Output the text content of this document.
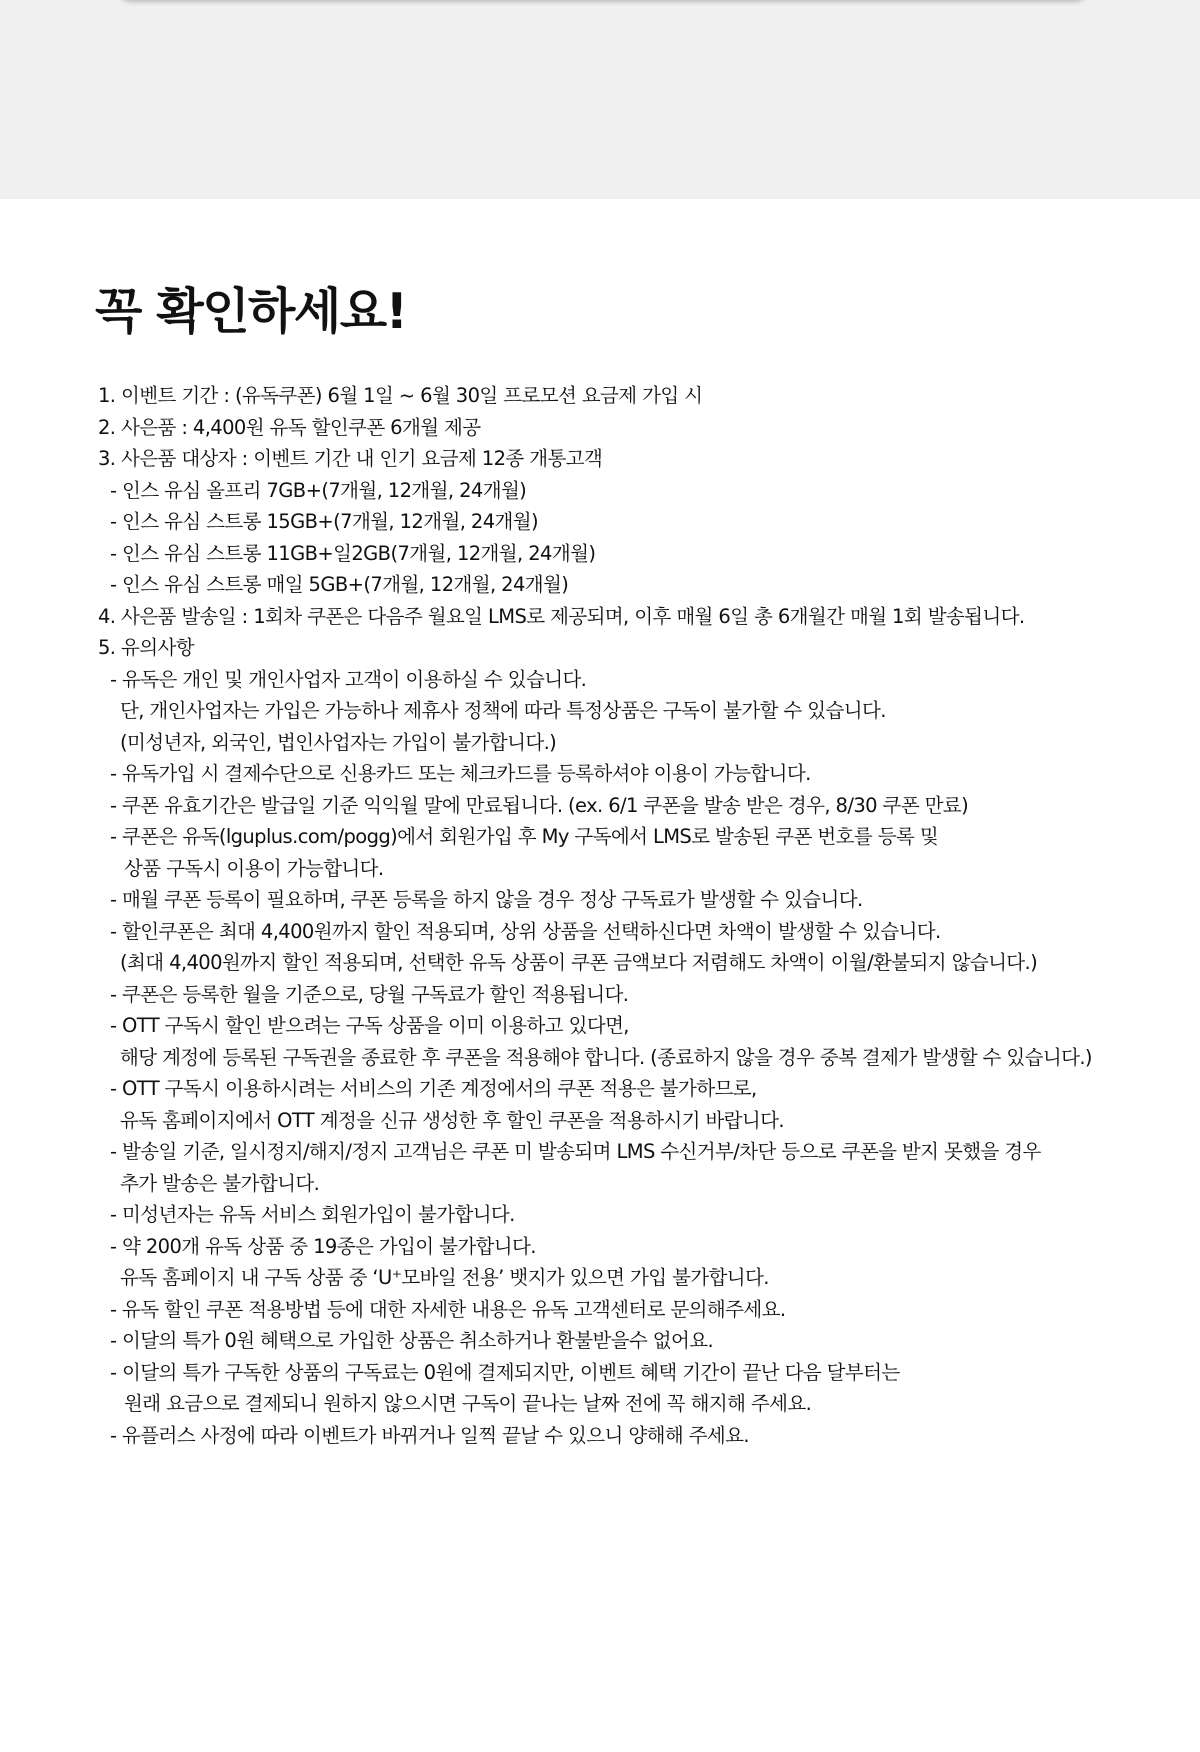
꼭 확인하세요!
1. 이벤트 기간 : (유독쿠폰) 6월 1일 ~ 6월 30일 프로모션 요금제 가입 시
2. 사은품 : 4,400원 유독 할인쿠폰 6개월 제공
3. 사은품 대상자 : 이벤트 기간 내 인기 요금제 12종 개통고객
- 인스 유심 올프리 7GB+(7개월, 12개월, 24개월)
- 인스 유심 스트롱 15GB+(7개월, 12개월, 24개월)
- 인스 유심 스트롱 11GB+일2GB(7개월, 12개월, 24개월)
- 인스 유심 스트롱 매일 5GB+(7개월, 12개월, 24개월)
4. 사은품 발송일 : 1회차 쿠폰은 다음주 월요일 LMS로 제공되며, 이후 매월 6일 총 6개월간 매월 1회 발송됩니다.
5. 유의사항
- 유독은 개인 및 개인사업자 고객이 이용하실 수 있습니다.
단, 개인사업자는 가입은 가능하나 제휴사 정책에 따라 특정상품은 구독이 불가할 수 있습니다.
(미성년자, 외국인, 법인사업자는 가입이 불가합니다.)
- 유독가입 시 결제수단으로 신용카드 또는 체크카드를 등록하셔야 이용이 가능합니다.
- 쿠폰 유효기간은 발급일 기준 익익월 말에 만료됩니다. (ex. 6/1 쿠폰을 발송 받은 경우, 8/30 쿠폰 만료)
- 쿠폰은 유독(lguplus.com/pogg)에서 회원가입 후 My 구독에서 LMS로 발송된 쿠폰 번호를 등록 및
상품 구독시 이용이 가능합니다.
- 매월 쿠폰 등록이 필요하며, 쿠폰 등록을 하지 않을 경우 정상 구독료가 발생할 수 있습니다.
- 할인쿠폰은 최대 4,400원까지 할인 적용되며, 상위 상품을 선택하신다면 차액이 발생할 수 있습니다.
(최대 4,400원까지 할인 적용되며, 선택한 유독 상품이 쿠폰 금액보다 저렴해도 차액이 이월/환불되지 않습니다.)
- 쿠폰은 등록한 월을 기준으로, 당월 구독료가 할인 적용됩니다.
- OTT 구독시 할인 받으려는 구독 상품을 이미 이용하고 있다면,
해당 계정에 등록된 구독권을 종료한 후 쿠폰을 적용해야 합니다. (종료하지 않을 경우 중복 결제가 발생할 수 있습니다.)
- OTT 구독시 이용하시려는 서비스의 기존 계정에서의 쿠폰 적용은 불가하므로,
유독 홈페이지에서 OTT 계정을 신규 생성한 후 할인 쿠폰을 적용하시기 바랍니다.
- 발송일 기준, 일시정지/해지/정지 고객님은 쿠폰 미 발송되며 LMS 수신거부/차단 등으로 쿠폰을 받지 못했을 경우
추가 발송은 불가합니다.
- 미성년자는 유독 서비스 회원가입이 불가합니다.
- 약 200개 유독 상품 중 19종은 가입이 불가합니다.
유독 홈페이지 내 구독 상품 중 ‘U⁺모바일 전용’ 뱃지가 있으면 가입 불가합니다.
- 유독 할인 쿠폰 적용방법 등에 대한 자세한 내용은 유독 고객센터로 문의해주세요.
- 이달의 특가 0원 혜택으로 가입한 상품은 취소하거나 환불받을수 없어요.
- 이달의 특가 구독한 상품의 구독료는 0원에 결제되지만, 이벤트 혜택 기간이 끝난 다음 달부터는
원래 요금으로 결제되니 원하지 않으시면 구독이 끝나는 날짜 전에 꼭 해지해 주세요.
- 유플러스 사정에 따라 이벤트가 바뀌거나 일찍 끝날 수 있으니 양해해 주세요.
